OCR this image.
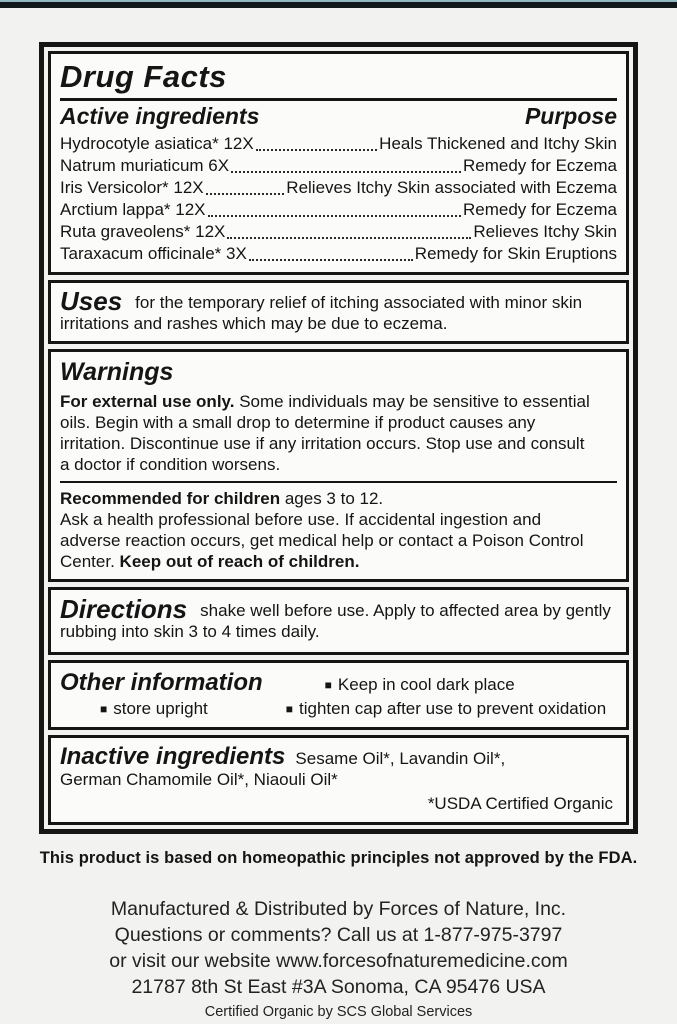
Drug Facts
Active ingredients	Purpose
Hydrocotyle asiatica* 12X	Heals Thickened and Itchy Skin
Natrum muriaticum 6X	Remedy for Eczema
Iris Versicolor* 12X	Relieves Itchy Skin associated with Eczema
Arctium lappa* 12X	Remedy for Eczema
Ruta graveolens* 12X	Relieves Itchy Skin
Taraxacum officinale* 3X	Remedy for Skin Eruptions
Uses for the temporary relief of itching associated with minor skin irritations and rashes which may be due to eczema.
Warnings
For external use only. Some individuals may be sensitive to essential oils. Begin with a small drop to determine if product causes any irritation. Discontinue use if any irritation occurs. Stop use and consult a doctor if condition worsens.
Recommended for children ages 3 to 12.
Ask a health professional before use. If accidental ingestion and adverse reaction occurs, get medical help or contact a Poison Control Center. Keep out of reach of children.
Directions shake well before use. Apply to affected area by gently rubbing into skin 3 to 4 times daily.
Other information	■ Keep in cool dark place
■ store upright	■ tighten cap after use to prevent oxidation
Inactive ingredients Sesame Oil*, Lavandin Oil*, German Chamomile Oil*, Niaouli Oil*
*USDA Certified Organic
This product is based on homeopathic principles not approved by the FDA.
Manufactured & Distributed by Forces of Nature, Inc.
Questions or comments? Call us at 1-877-975-3797
or visit our website www.forcesofnaturemedicine.com
21787 8th St East #3A Sonoma, CA 95476 USA
Certified Organic by SCS Global Services
